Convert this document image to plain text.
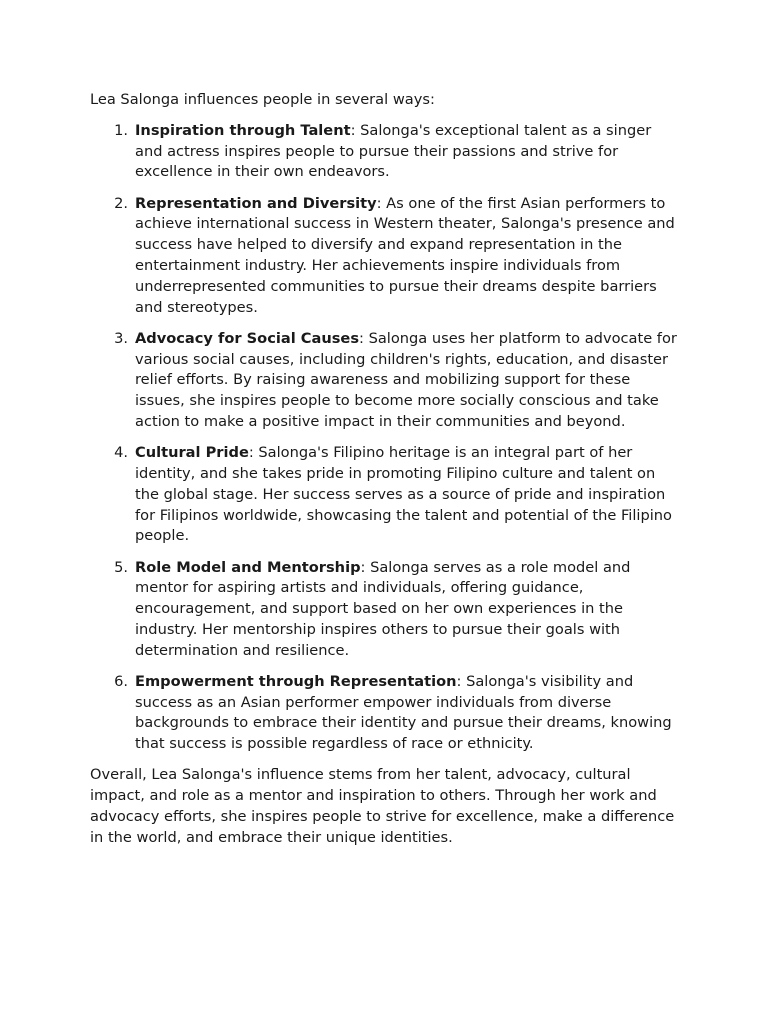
Lea Salonga influences people in several ways:

1. Inspiration through Talent: Salonga's exceptional talent as a singer and actress inspires people to pursue their passions and strive for excellence in their own endeavors.
2. Representation and Diversity: As one of the first Asian performers to achieve international success in Western theater, Salonga's presence and success have helped to diversify and expand representation in the entertainment industry. Her achievements inspire individuals from underrepresented communities to pursue their dreams despite barriers and stereotypes.
3. Advocacy for Social Causes: Salonga uses her platform to advocate for various social causes, including children's rights, education, and disaster relief efforts. By raising awareness and mobilizing support for these issues, she inspires people to become more socially conscious and take action to make a positive impact in their communities and beyond.
4. Cultural Pride: Salonga's Filipino heritage is an integral part of her identity, and she takes pride in promoting Filipino culture and talent on the global stage. Her success serves as a source of pride and inspiration for Filipinos worldwide, showcasing the talent and potential of the Filipino people.
5. Role Model and Mentorship: Salonga serves as a role model and mentor for aspiring artists and individuals, offering guidance, encouragement, and support based on her own experiences in the industry. Her mentorship inspires others to pursue their goals with determination and resilience.
6. Empowerment through Representation: Salonga's visibility and success as an Asian performer empower individuals from diverse backgrounds to embrace their identity and pursue their dreams, knowing that success is possible regardless of race or ethnicity.

Overall, Lea Salonga's influence stems from her talent, advocacy, cultural impact, and role as a mentor and inspiration to others. Through her work and advocacy efforts, she inspires people to strive for excellence, make a difference in the world, and embrace their unique identities.
